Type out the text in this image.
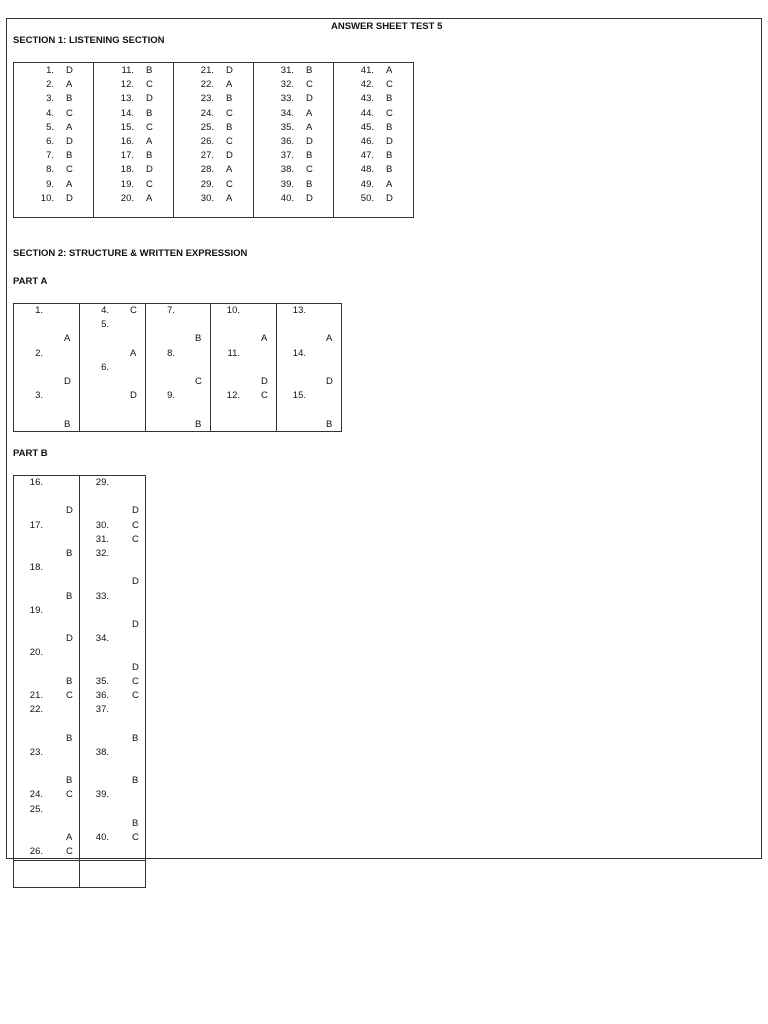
ANSWER SHEET TEST 5
SECTION 1: LISTENING SECTION
1. D
2. A
3. B
4. C
5. A
6. D
7. B
8. C
9. A
10. D
11. B
12. C
13. D
14. B
15. C
16. A
17. B
18. D
19. C
20. A
21. D
22. A
23. B
24. C
25. B
26. C
27. D
28. A
29. C
30. A
31. B
32. C
33. D
34. A
35. A
36. D
37. B
38. C
39. B
40. D
41. A
42. C
43. B
44. C
45. B
46. D
47. B
48. B
49. A
50. D
SECTION 2: STRUCTURE & WRITTEN EXPRESSION
PART A
1.
A
2.
D
3.
B
4. C
5.
A
6.
D
7.
B
8.
C
9.
B
10.
A
11.
D
12. C
13.
A
14.
D
15.
B
PART B
16.
D
17.
B
18.
B
19.
D
20.
B
21. C
22.
B
23.
B
24. C
25.
A
26. C
29.
D
30. C
31. C
32.
D
33.
D
34.
D
35. C
36. C
37.
B
38.
B
39.
B
40. C
